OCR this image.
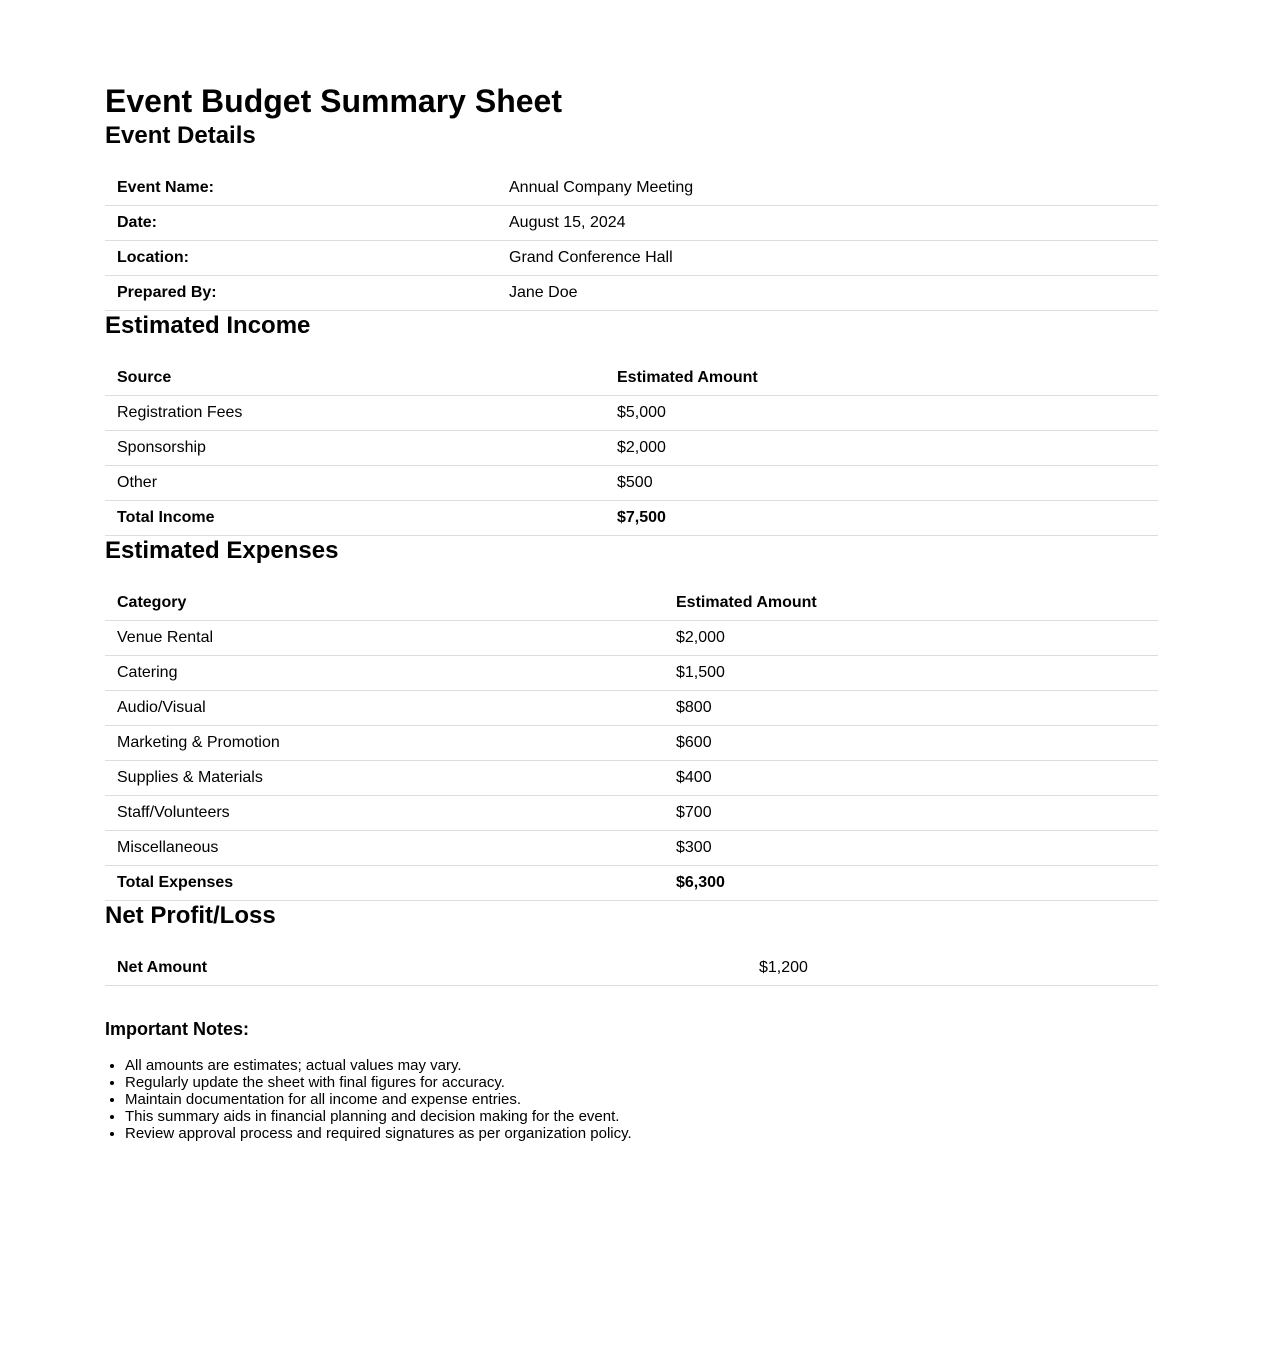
Event Budget Summary Sheet
Event Details
Event Name:	Annual Company Meeting
Date:	August 15, 2024
Location:	Grand Conference Hall
Prepared By:	Jane Doe
Estimated Income
Source	Estimated Amount
Registration Fees	$5,000
Sponsorship	$2,000
Other	$500
Total Income	$7,500
Estimated Expenses
Category	Estimated Amount
Venue Rental	$2,000
Catering	$1,500
Audio/Visual	$800
Marketing & Promotion	$600
Supplies & Materials	$400
Staff/Volunteers	$700
Miscellaneous	$300
Total Expenses	$6,300
Net Profit/Loss
Net Amount	$1,200
Important Notes:
• All amounts are estimates; actual values may vary.
• Regularly update the sheet with final figures for accuracy.
• Maintain documentation for all income and expense entries.
• This summary aids in financial planning and decision making for the event.
• Review approval process and required signatures as per organization policy.
